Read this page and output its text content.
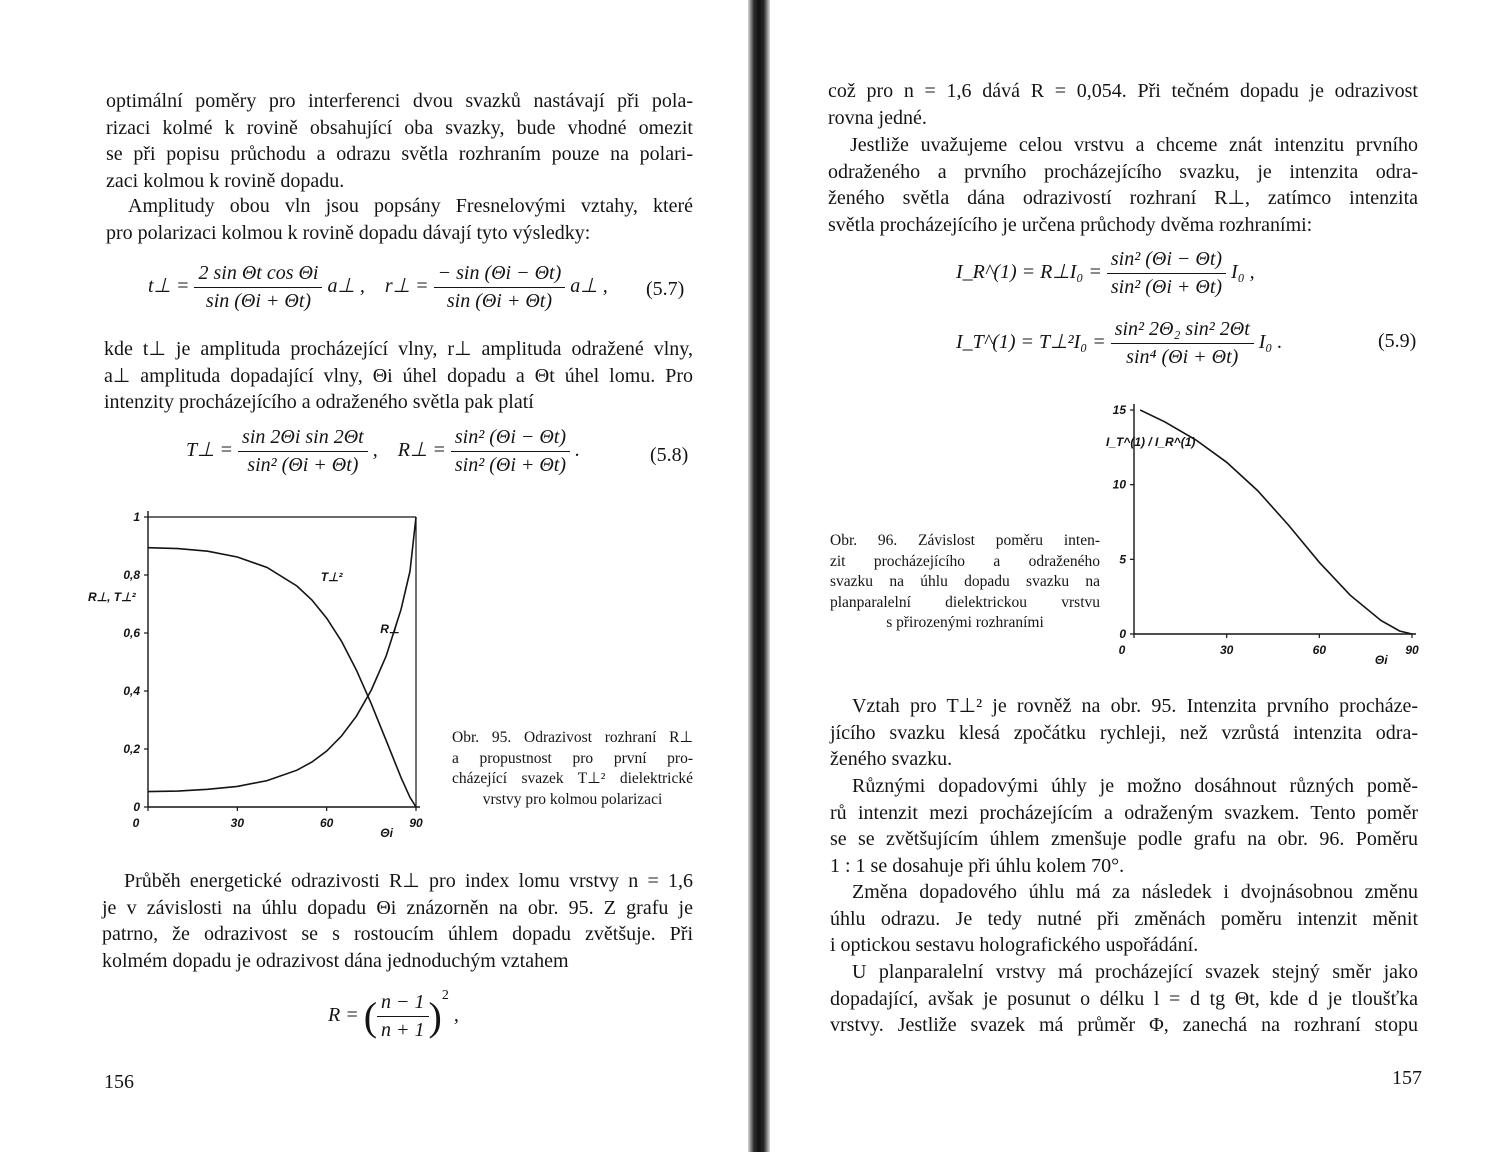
optimální poměry pro interferenci dvou svazků nastávají při pola-
rizaci kolmé k rovině obsahující oba svazky, bude vhodné omezit
se při popisu průchodu a odrazu světla rozhraním pouze na polari-
zaci kolmou k rovině dopadu.
Amplitudy obou vln jsou popsány Fresnelovými vztahy, které
pro polarizaci kolmou k rovině dopadu dávají tyto výsledky:
t⊥ = $\frac{\text{2 sin Θt cos Θi}}{\sin (\Theta i + \Theta t)}$ a⊥ , r⊥ = $\frac{- \sin (\Theta i - \Theta t)}{\sin (\Theta i + \Theta t)}$ a⊥ , (5.7)
kde t⊥ je amplituda procházející vlny, r⊥ amplituda odražené vlny,
a⊥ amplituda dopadající vlny, Θi úhel dopadu a Θt úhel lomu. Pro
intenzity procházejícího a odraženého světla pak platí
T⊥ = $\frac{\text{sin 2Θi sin 2Θt}}{\text{sin² (Θi + Θt)}}$ , R⊥ = $\frac{\text{sin² (Θi − Θt)}}{\text{sin² (Θi + Θt)}}$ .	(5.8)
0
0,2
0,4
0,6
0,8
1
0	30	60	90
T⊥²
R⊥
R⊥, T⊥²
Θi
Obr. 95. Odrazivost rozhraní R⊥
a propustnost pro první pro-
cházející svazek T⊥² dielektrické
vrstvy pro kolmou polarizaci
Průběh energetické odrazivosti R⊥ pro index lomu vrstvy n = 1,6
je v závislosti na úhlu dopadu Θi znázorněn na obr. 95. Z grafu je
patrno, že odrazivost se s rostoucím úhlem dopadu zvětšuje. Při
kolmém dopadu je odrazivost dána jednoduchým vztahem
R = ( $\frac{n - 1}{n + 1} )^2$ ,
156
což pro n = 1,6 dává R = 0,054. Při tečném dopadu je odrazivost
rovna jedné.
Jestliže uvažujeme celou vrstvu a chceme znát intenzitu prvního
odraženého a prvního procházejícího svazku, je intenzita odra-
ženého světla dána odrazivostí rozhraní R⊥, zatímco intenzita
světla procházejícího je určena průchody dvěma rozhraními:
I_R^(1) = R⊥I₀ = $\frac{\text{sin² (Θi − Θt)}}{\text{sin² (Θi + Θt)}} I_0$ ,
I_T^(1) = T⊥²I₀ = $\frac{\text{sin² 2Θ₂ sin² 2Θt}}{\text{sin⁴ (Θi + Θt)}} I_0$ .	(5.9)
0
5
10
15
0	30	60	90
I_T^(1) / I_R^(1)
Θi
Obr. 96. Závislost poměru inten-
zit procházejícího a odraženého
svazku na úhlu dopadu svazku na
planparalelní dielektrickou vrstvu
s přirozenými rozhraními
Vztah pro T⊥² je rovněž na obr. 95. Intenzita prvního procháze-
jícího svazku klesá zpočátku rychleji, než vzrůstá intenzita odra-
ženého svazku.
Různými dopadovými úhly je možno dosáhnout různých pomě-
rů intenzit mezi procházejícím a odraženým svazkem. Tento poměr
se se zvětšujícím úhlem zmenšuje podle grafu na obr. 96. Poměru
1 : 1 se dosahuje při úhlu kolem 70°.
Změna dopadového úhlu má za následek i dvojnásobnou změnu
úhlu odrazu. Je tedy nutné při změnách poměru intenzit měnit
i optickou sestavu holografického uspořádání.
U planparalelní vrstvy má procházející svazek stejný směr jako
dopadající, avšak je posunut o délku l = d tg Θt, kde d je tloušťka
vrstvy. Jestliže svazek má průměr Φ, zanechá na rozhraní stopu
157
